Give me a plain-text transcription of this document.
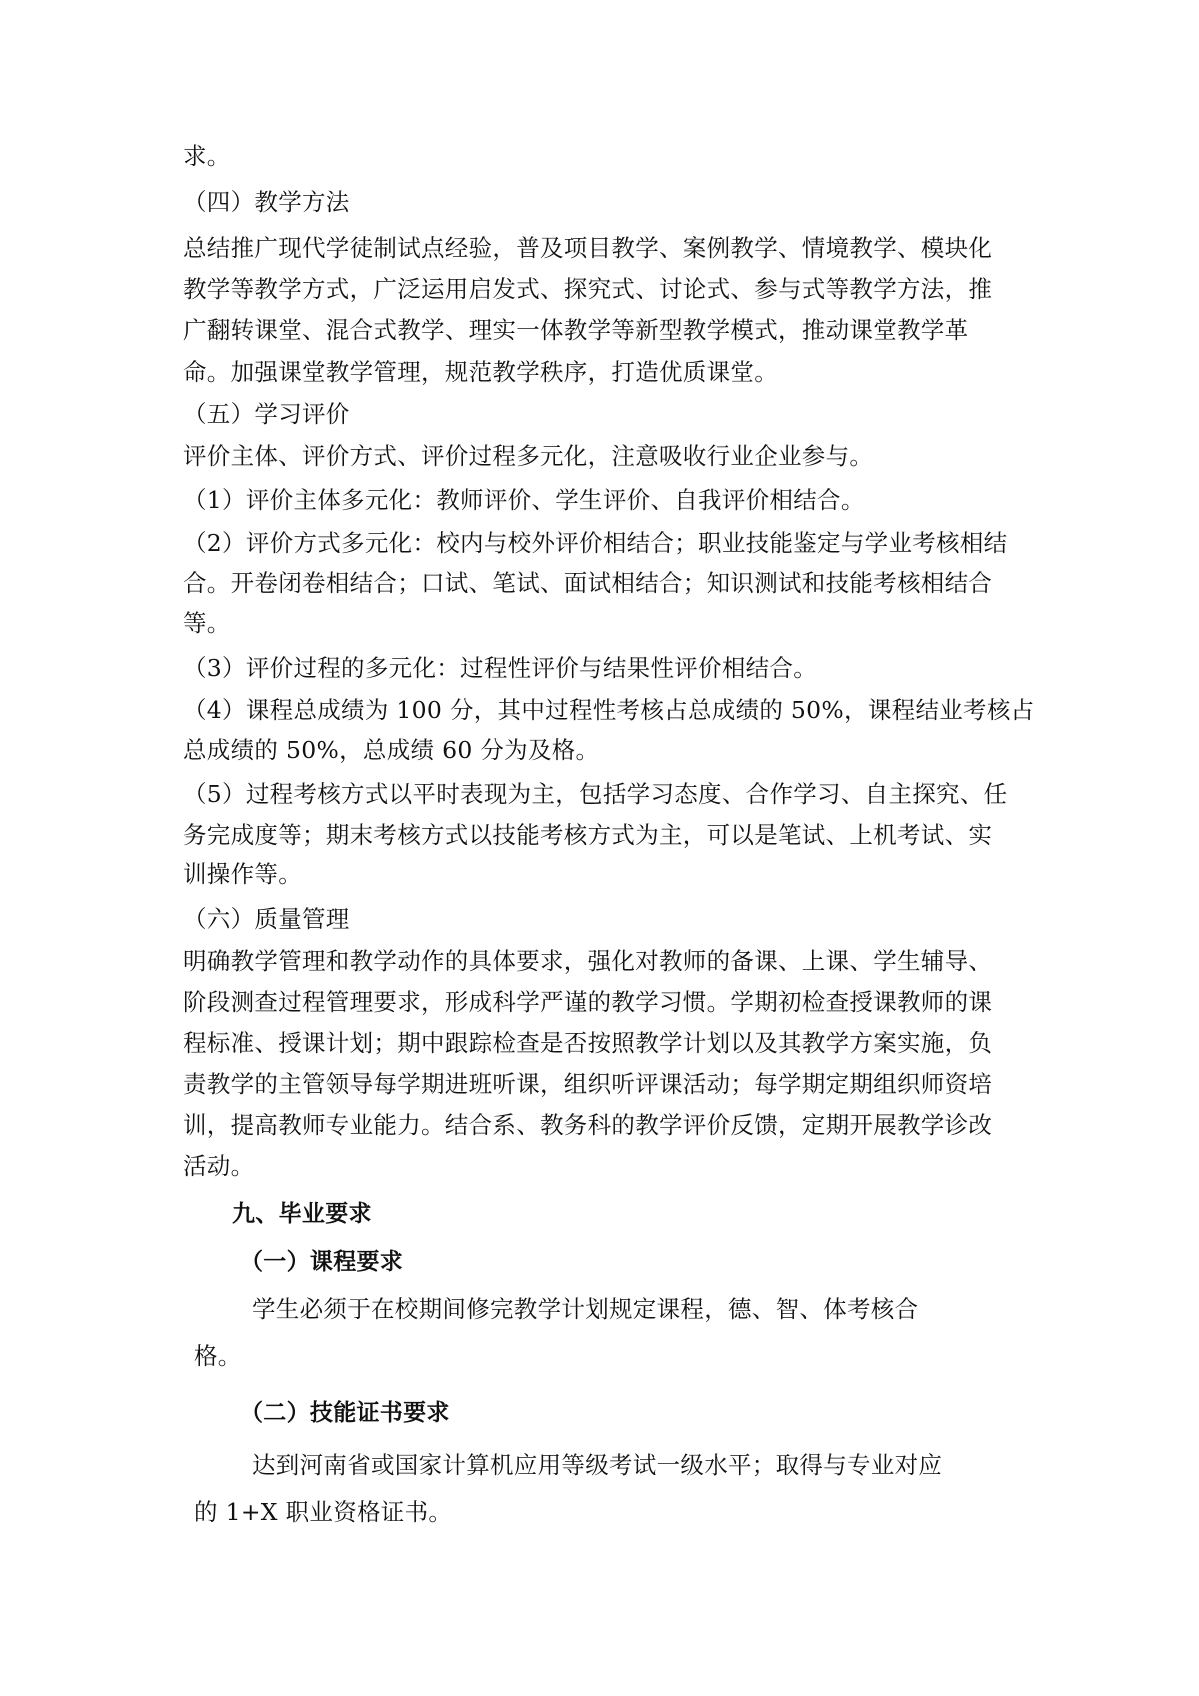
求。
（四）教学方法
总结推广现代学徒制试点经验，普及项目教学、案例教学、情境教学、模块化
教学等教学方式，广泛运用启发式、探究式、讨论式、参与式等教学方法，推
广翻转课堂、混合式教学、理实一体教学等新型教学模式，推动课堂教学革
命。加强课堂教学管理，规范教学秩序，打造优质课堂。
（五）学习评价
评价主体、评价方式、评价过程多元化，注意吸收行业企业参与。
（1）评价主体多元化：教师评价、学生评价、自我评价相结合。
（2）评价方式多元化：校内与校外评价相结合；职业技能鉴定与学业考核相结
合。开卷闭卷相结合；口试、笔试、面试相结合；知识测试和技能考核相结合
等。
（3）评价过程的多元化：过程性评价与结果性评价相结合。
（4）课程总成绩为 100 分，其中过程性考核占总成绩的 50%，课程结业考核占
总成绩的 50%，总成绩 60 分为及格。
（5）过程考核方式以平时表现为主，包括学习态度、合作学习、自主探究、任
务完成度等；期末考核方式以技能考核方式为主，可以是笔试、上机考试、实
训操作等。
（六）质量管理
明确教学管理和教学动作的具体要求，强化对教师的备课、上课、学生辅导、
阶段测查过程管理要求，形成科学严谨的教学习惯。学期初检查授课教师的课
程标准、授课计划；期中跟踪检查是否按照教学计划以及其教学方案实施，负
责教学的主管领导每学期进班听课，组织听评课活动；每学期定期组织师资培
训，提高教师专业能力。结合系、教务科的教学评价反馈，定期开展教学诊改
活动。
九、毕业要求
（一）课程要求
学生必须于在校期间修完教学计划规定课程，德、智、体考核合
格。
（二）技能证书要求
达到河南省或国家计算机应用等级考试一级水平；取得与专业对应
的 1+X 职业资格证书。
